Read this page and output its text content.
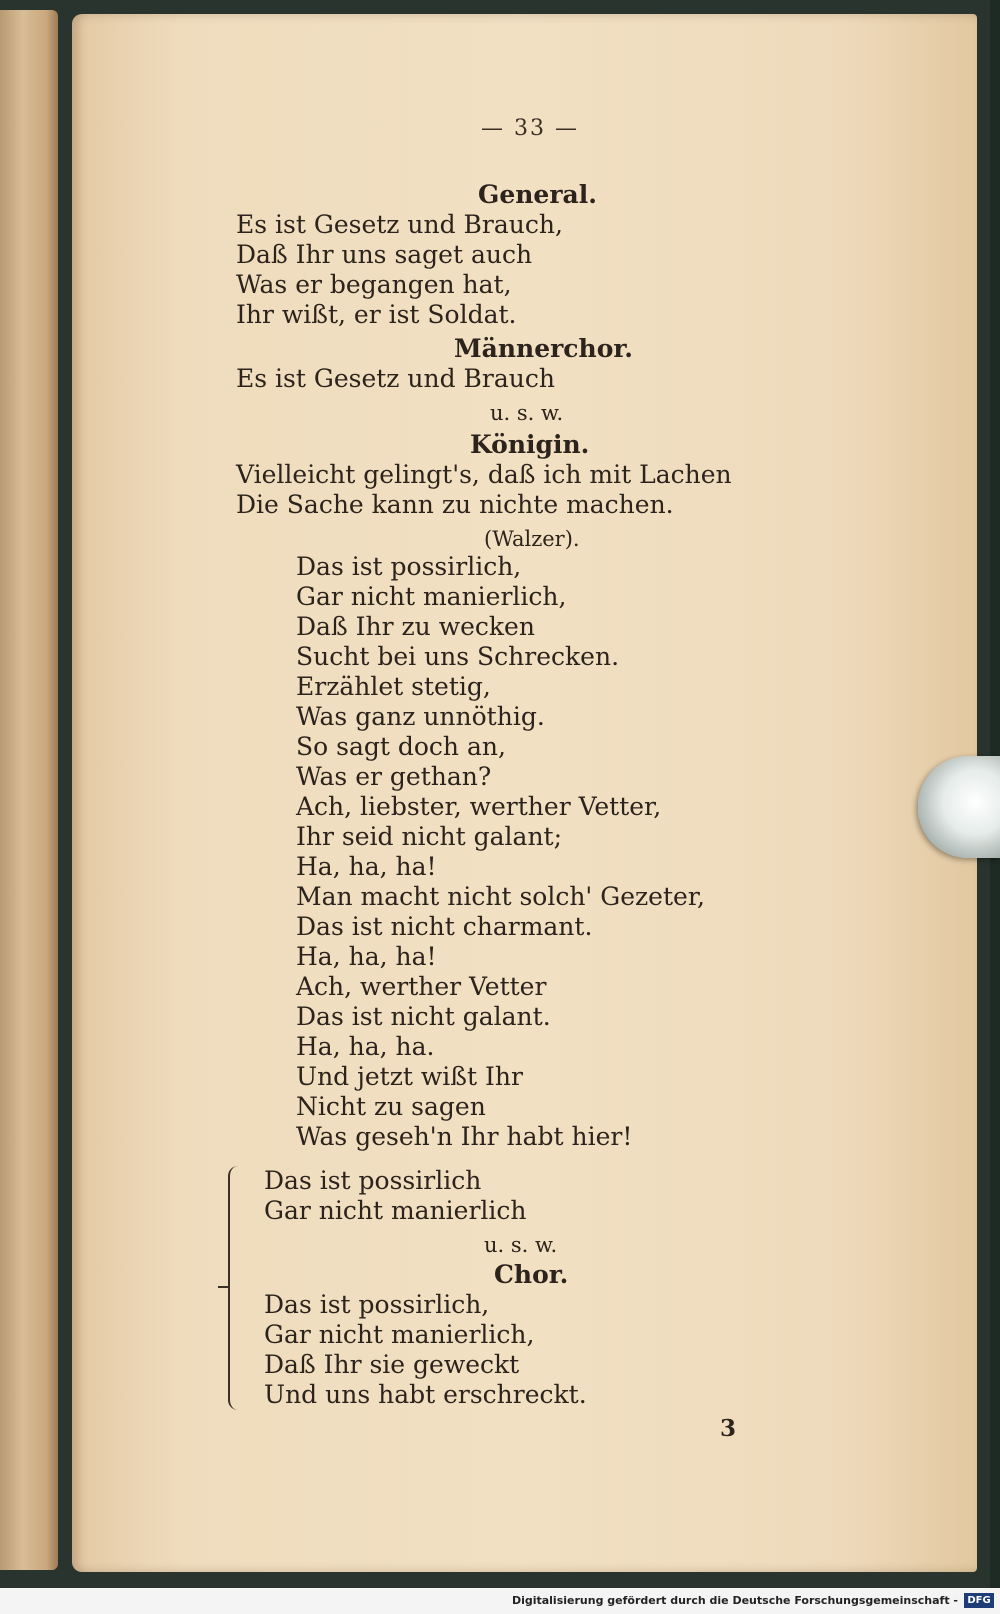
— 33 —
General.
Es ist Gesetz und Brauch,
Daß Ihr uns saget auch
Was er begangen hat,
Ihr wißt, er ist Soldat.
Männerchor.
Es ist Gesetz und Brauch
u. s. w.
Königin.
Vielleicht gelingt's, daß ich mit Lachen
Die Sache kann zu nichte machen.
(Walzer).
Das ist possirlich,
Gar nicht manierlich,
Daß Ihr zu wecken
Sucht bei uns Schrecken.
Erzählet stetig,
Was ganz unnöthig.
So sagt doch an,
Was er gethan?
Ach, liebster, werther Vetter,
Ihr seid nicht galant;
Ha, ha, ha!
Man macht nicht solch' Gezeter,
Das ist nicht charmant.
Ha, ha, ha!
Ach, werther Vetter
Das ist nicht galant.
Ha, ha, ha.
Und jetzt wißt Ihr
Nicht zu sagen
Was geseh'n Ihr habt hier!
Das ist possirlich
Gar nicht manierlich
u. s. w.
Chor.
Das ist possirlich,
Gar nicht manierlich,
Daß Ihr sie geweckt
Und uns habt erschreckt.
3
Digitalisierung gefördert durch die Deutsche Forschungsgemeinschaft - DFG
